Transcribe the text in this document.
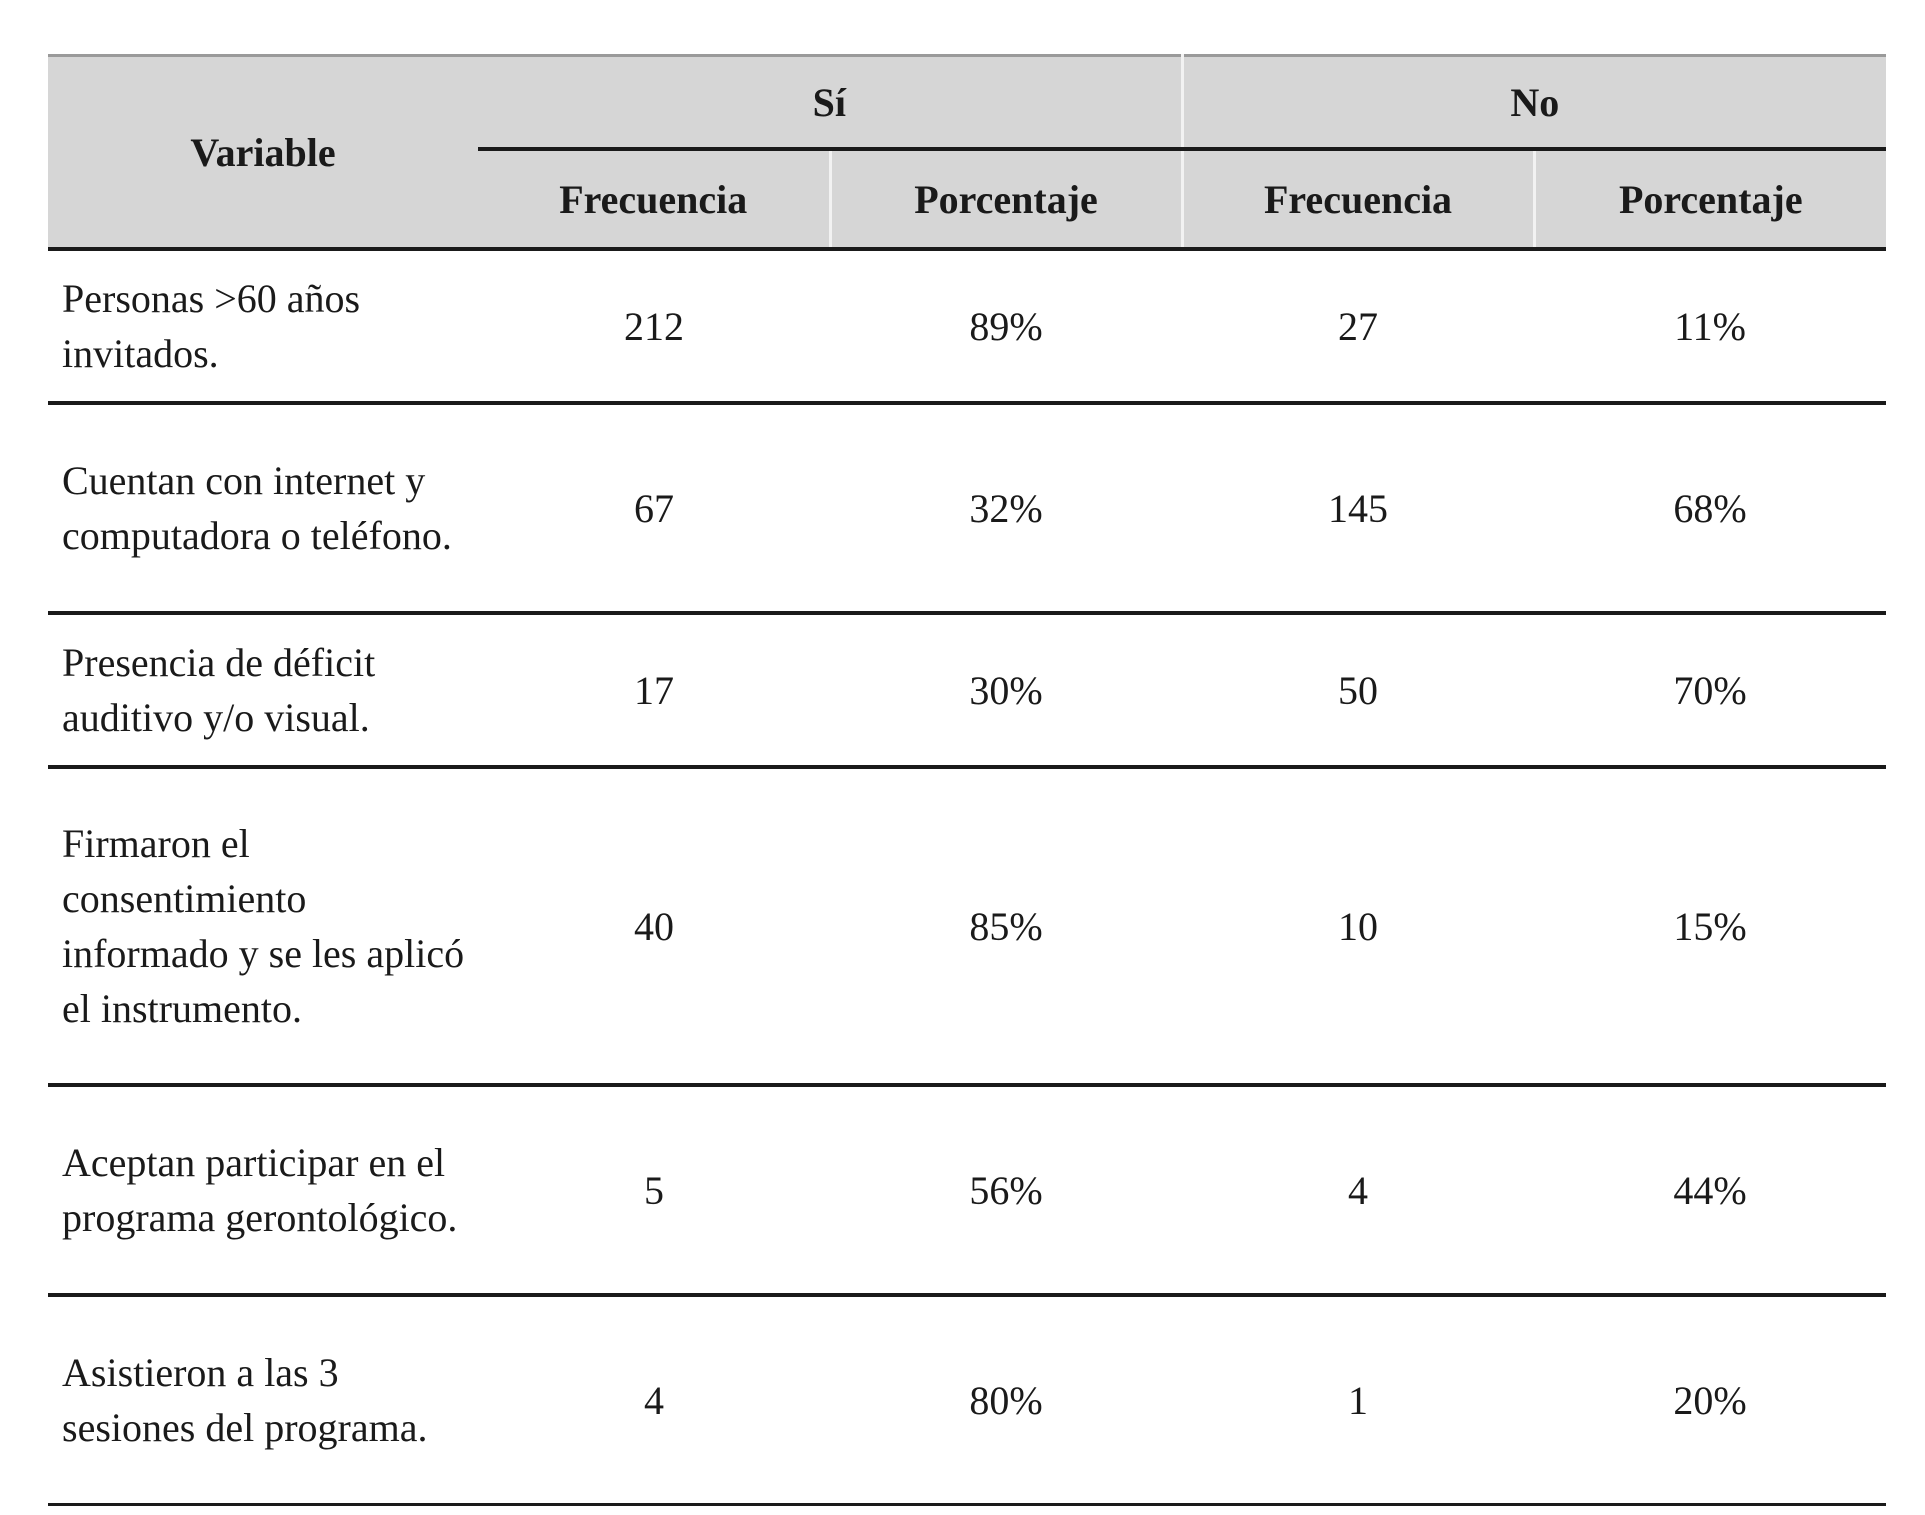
Variable	Sí		No	
	Frecuencia	Porcentaje	Frecuencia	Porcentaje
Personas >60 años invitados.	212	89%	27	11%
Cuentan con internet y computadora o teléfono.	67	32%	145	68%
Presencia de déficit auditivo y/o visual.	17	30%	50	70%
Firmaron el consentimiento informado y se les aplicó el instrumento.	40	85%	10	15%
Aceptan participar en el programa gerontológico.	5	56%	4	44%
Asistieron a las 3 sesiones del programa.	4	80%	1	20%
